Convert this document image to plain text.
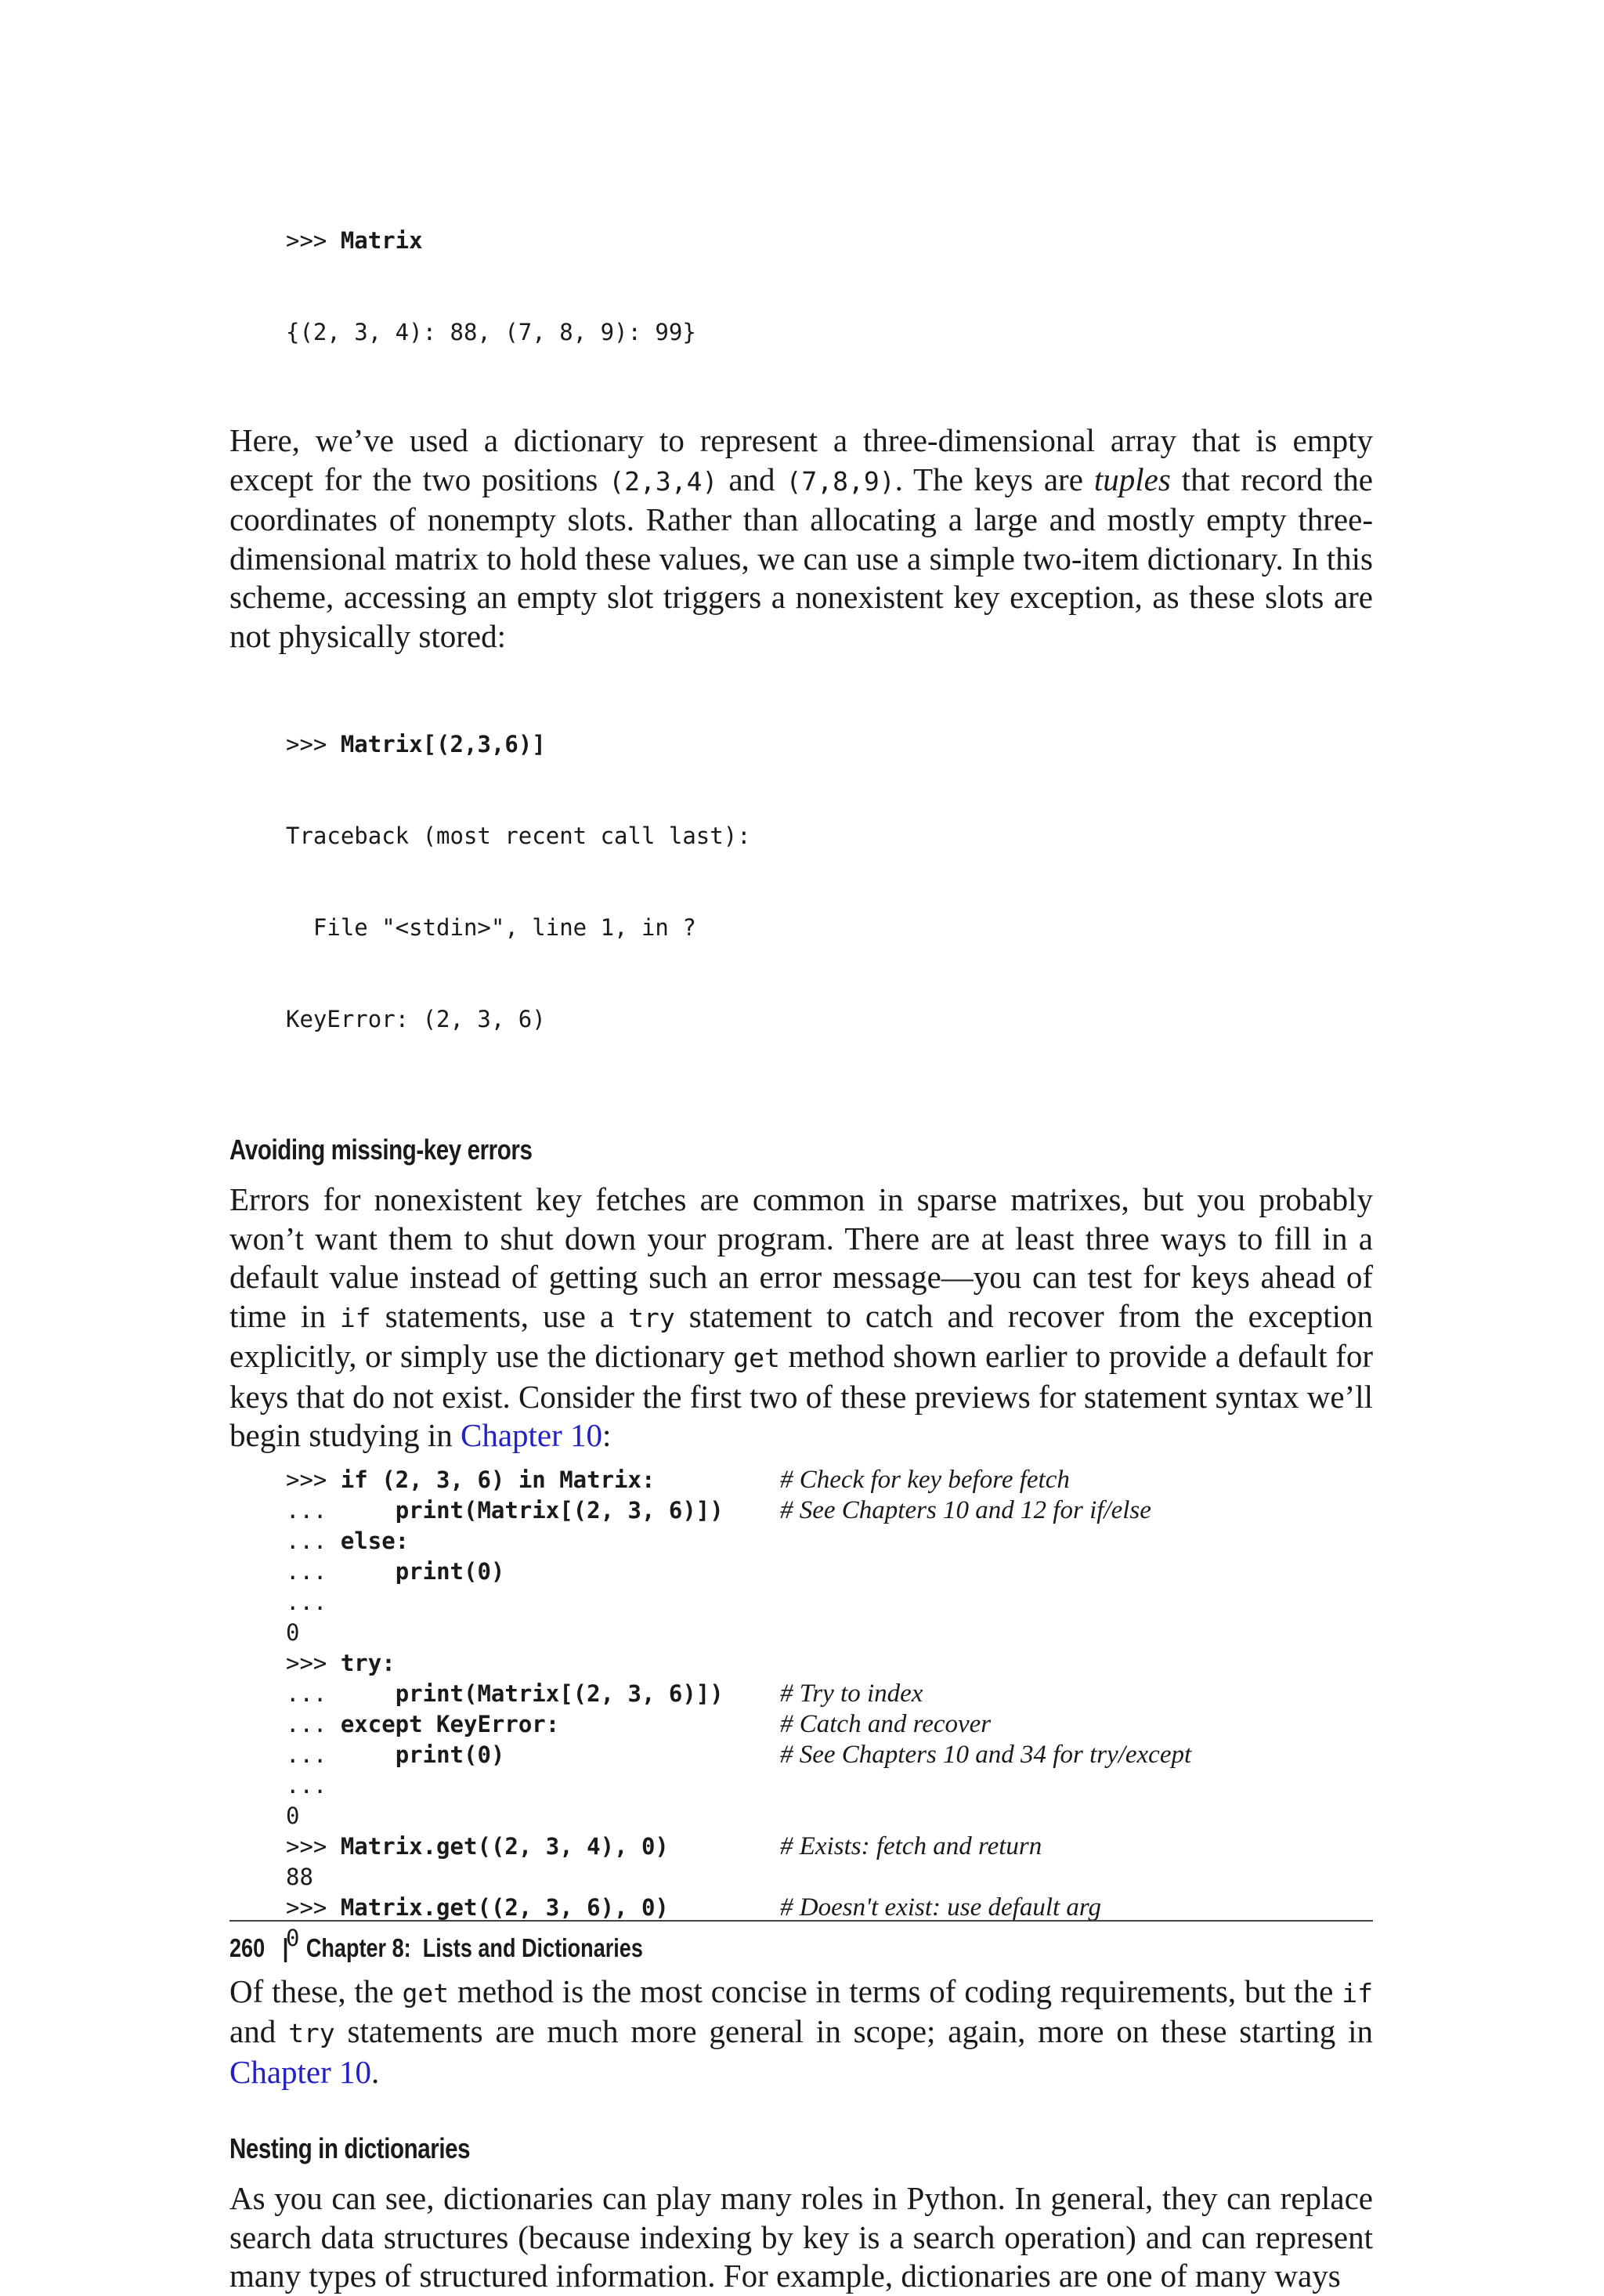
>>> Matrix

{(2, 3, 4): 88, (7, 8, 9): 99}

Here, we’ve used a dictionary to represent a three-dimensional array that is empty except for the two positions (2,3,4) and (7,8,9). The keys are tuples that record the coordinates of nonempty slots. Rather than allocating a large and mostly empty three-dimensional matrix to hold these values, we can use a simple two-item dictionary. In this scheme, accessing an empty slot triggers a nonexistent key exception, as these slots are not physically stored:

>>> Matrix[(2,3,6)]

Traceback (most recent call last):

File "<stdin>", line 1, in ?

KeyError: (2, 3, 6)

Avoiding missing-key errors

Errors for nonexistent key fetches are common in sparse matrixes, but you probably won’t want them to shut down your program. There are at least three ways to fill in a default value instead of getting such an error message—you can test for keys ahead of time in if statements, use a try statement to catch and recover from the exception explicitly, or simply use the dictionary get method shown earlier to provide a default for keys that do not exist. Consider the first two of these previews for statement syntax we’ll begin studying in Chapter 10:

>>> if (2, 3, 6) in Matrix:	# Check for key before fetch
...     print(Matrix[(2, 3, 6)]) # See Chapters 10 and 12 for if/else
... else:
...     print(0)
...
0
>>> try:
...     print(Matrix[(2, 3, 6)]) # Try to index
... except KeyError:	# Catch and recover
...     print(0)	# See Chapters 10 and 34 for try/except
...
0
>>> Matrix.get((2, 3, 4), 0)	# Exists: fetch and return
88
>>> Matrix.get((2, 3, 6), 0)	# Doesn't exist: use default arg
0

Of these, the get method is the most concise in terms of coding requirements, but the if and try statements are much more general in scope; again, more on these starting in Chapter 10.

Nesting in dictionaries

As you can see, dictionaries can play many roles in Python. In general, they can replace search data structures (because indexing by key is a search operation) and can represent many types of structured information. For example, dictionaries are one of many ways

260 | Chapter 8:  Lists and Dictionaries
